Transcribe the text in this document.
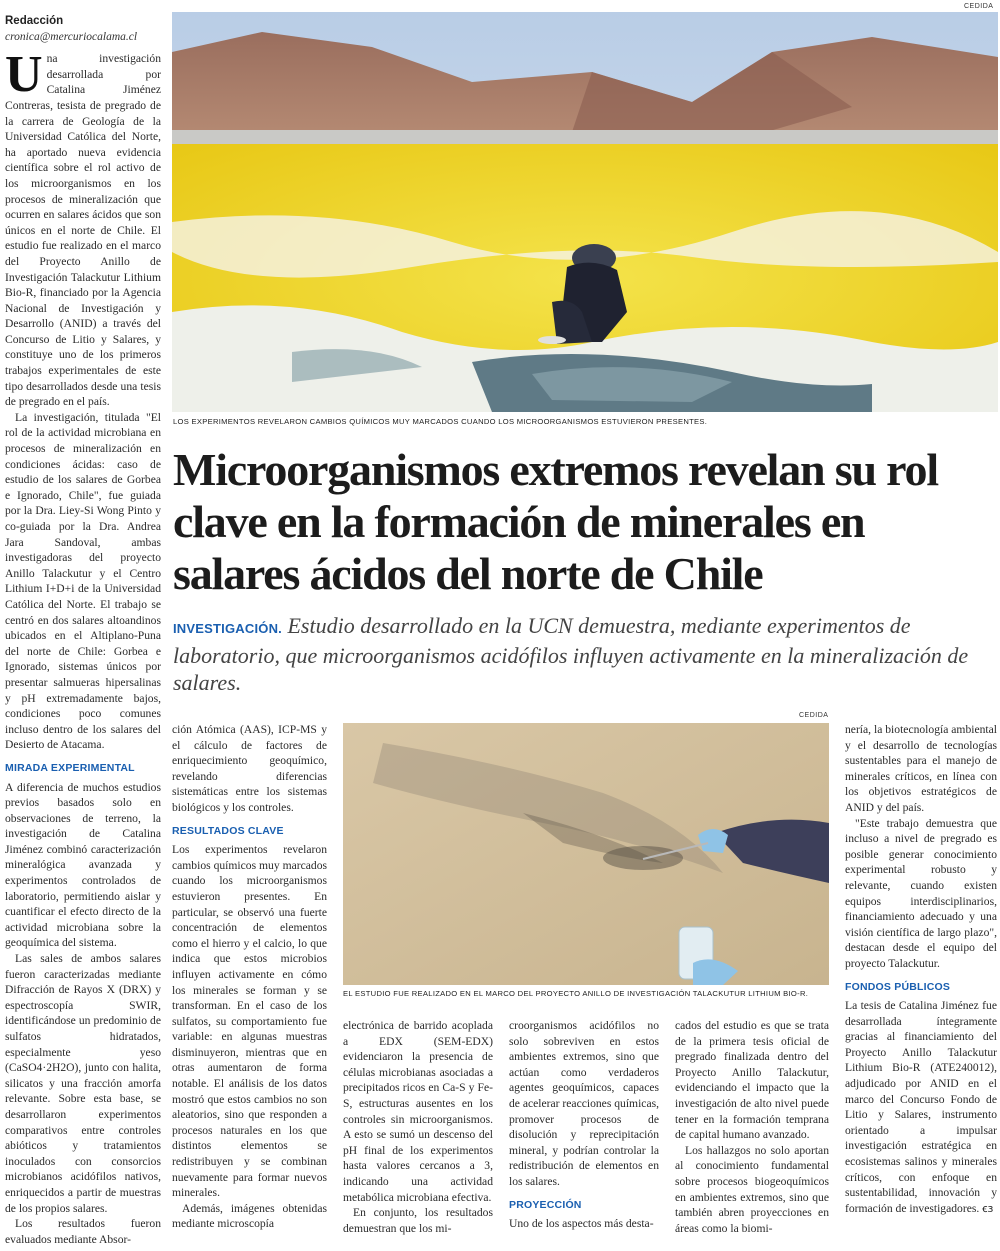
Redacción
cronica@mercuriocalama.cl

Una investigación desarrollada por Catalina Jiménez Contreras, tesista de pregrado de la carrera de Geología de la Universidad Católica del Norte, ha aportado nueva evidencia científica sobre el rol activo de los microorganismos en los procesos de mineralización que ocurren en salares ácidos que son únicos en el norte de Chile. El estudio fue realizado en el marco del Proyecto Anillo de Investigación Talackutur Lithium Bio-R, financiado por la Agencia Nacional de Investigación y Desarrollo (ANID) a través del Concurso de Litio y Salares, y constituye uno de los primeros trabajos experimentales de este tipo desarrollados desde una tesis de pregrado en el país.

La investigación, titulada "El rol de la actividad microbiana en procesos de mineralización en condiciones ácidas: caso de estudio de los salares de Gorbea e Ignorado, Chile", fue guiada por la Dra. Liey-Si Wong Pinto y co-guiada por la Dra. Andrea Jara Sandoval, ambas investigadoras del proyecto Anillo Talackutur y el Centro Lithium I+D+i de la Universidad Católica del Norte. El trabajo se centró en dos salares altoandinos ubicados en el Altiplano-Puna del norte de Chile: Gorbea e Ignorado, sistemas únicos por presentar salmueras hipersalinas y pH extremadamente bajos, condiciones poco comunes incluso dentro de los salares del Desierto de Atacama.

MIRADA EXPERIMENTAL

A diferencia de muchos estudios previos basados solo en observaciones de terreno, la investigación de Catalina Jiménez combinó caracterización mineralógica avanzada y experimentos controlados de laboratorio, permitiendo aislar y cuantificar el efecto directo de la actividad microbiana sobre la geoquímica del sistema.

Las sales de ambos salares fueron caracterizadas mediante Difracción de Rayos X (DRX) y espectroscopía SWIR, identificándose un predominio de sulfatos hidratados, especialmente yeso (CaSO4·2H2O), junto con halita, silicatos y una fracción amorfa relevante. Sobre esta base, se desarrollaron experimentos comparativos entre controles abióticos y tratamientos inoculados con consorcios microbianos acidófilos nativos, enriquecidos a partir de muestras de los propios salares.

Los resultados fueron evaluados mediante Absor-

CEDIDA
LOS EXPERIMENTOS REVELARON CAMBIOS QUÍMICOS MUY MARCADOS CUANDO LOS MICROORGANISMOS ESTUVIERON PRESENTES.
Microorganismos extremos revelan su rol clave en la formación de minerales en salares ácidos del norte de Chile
INVESTIGACIÓN. Estudio desarrollado en la UCN demuestra, mediante experimentos de laboratorio, que microorganismos acidófilos influyen activamente en la mineralización de salares.

ción Atómica (AAS), ICP-MS y el cálculo de factores de enriquecimiento geoquímico, revelando diferencias sistemáticas entre los sistemas biológicos y los controles.

RESULTADOS CLAVE

Los experimentos revelaron cambios químicos muy marcados cuando los microorganismos estuvieron presentes. En particular, se observó una fuerte concentración de elementos como el hierro y el calcio, lo que indica que estos microbios influyen activamente en cómo los minerales se forman y se transforman. En el caso de los sulfatos, su comportamiento fue variable: en algunas muestras disminuyeron, mientras que en otras aumentaron de forma notable. El análisis de los datos mostró que estos cambios no son aleatorios, sino que responden a procesos naturales en los que distintos elementos se redistribuyen y se combinan nuevamente para formar nuevos minerales.

Además, imágenes obtenidas mediante microscopía

CEDIDA
EL ESTUDIO FUE REALIZADO EN EL MARCO DEL PROYECTO ANILLO DE INVESTIGACIÓN TALACKUTUR LITHIUM BIO-R.

electrónica de barrido acoplada a EDX (SEM-EDX) evidenciaron la presencia de células microbianas asociadas a precipitados ricos en Ca-S y Fe-S, estructuras ausentes en los controles sin microorganismos. A esto se sumó un descenso del pH final de los experimentos hasta valores cercanos a 3, indicando una actividad metabólica microbiana efectiva.

En conjunto, los resultados demuestran que los mi-

croorganismos acidófilos no solo sobreviven en estos ambientes extremos, sino que actúan como verdaderos agentes geoquímicos, capaces de acelerar reacciones químicas, promover procesos de disolución y reprecipitación mineral, y podrían controlar la redistribución de elementos en los salares.

PROYECCIÓN

Uno de los aspectos más desta-

cados del estudio es que se trata de la primera tesis oficial de pregrado finalizada dentro del Proyecto Anillo Talackutur, evidenciando el impacto que la investigación de alto nivel puede tener en la formación temprana de capital humano avanzado.

Los hallazgos no solo aportan al conocimiento fundamental sobre procesos biogeoquímicos en ambientes extremos, sino que también abren proyecciones en áreas como la biomi-

nería, la biotecnología ambiental y el desarrollo de tecnologías sustentables para el manejo de minerales críticos, en línea con los objetivos estratégicos de ANID y del país.

"Este trabajo demuestra que incluso a nivel de pregrado es posible generar conocimiento experimental robusto y relevante, cuando existen equipos interdisciplinarios, financiamiento adecuado y una visión científica de largo plazo", destacan desde el equipo del proyecto Talackutur.

FONDOS PÚBLICOS

La tesis de Catalina Jiménez fue desarrollada íntegramente gracias al financiamiento del Proyecto Anillo Talackutur Lithium Bio-R (ATE240012), adjudicado por ANID en el marco del Concurso Fondo de Litio y Salares, instrumento orientado a impulsar investigación estratégica en ecosistemas salinos y minerales críticos, con enfoque en sustentabilidad, innovación y formación de investigadores. ꞓз
